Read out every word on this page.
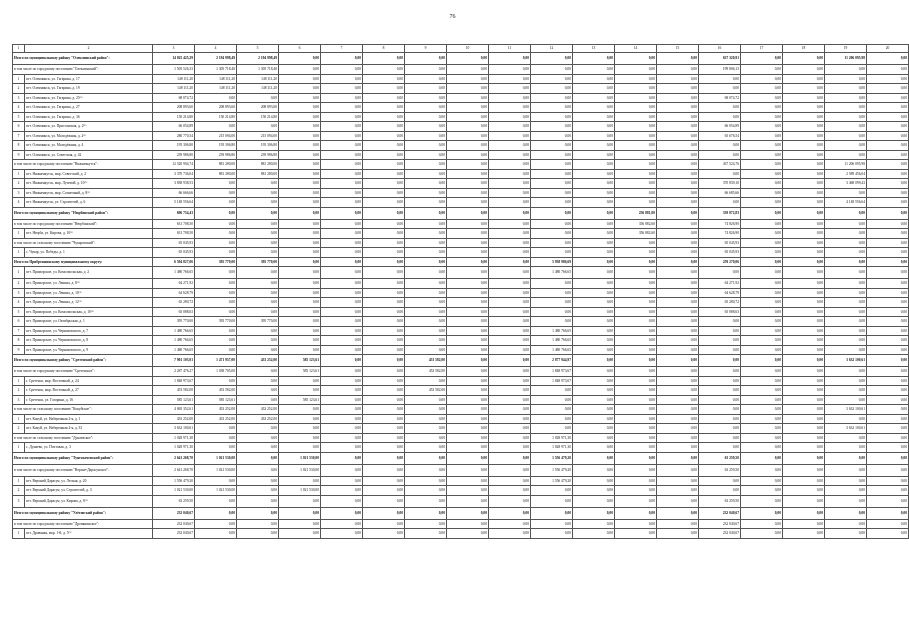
76
1	2	3	4	5	6	7	8	9	10	11	12	13	14	15	16	17	18	19	20
Итого по муниципальному району "Олекминский район":		14 025 425,29	2 194 998,49	2 194 998,49	0,00	0,00	0,00	0,00	0,00	0,00	0,00	0,00	0,00	0,00	637 320,91	0,00	0,00	11 206 095,98	0,00
в том числе по городскому поселению "Олекминский":		1 505 526,33	1 305 718,40	1 305 718,40	0,00	0,00	0,00	0,00	0,00	0,00	0,00	0,00	0,00	0,00	199 806,13	0,00	0,00	0,00	0,00
1	пгт. Олекминск, ул. Гагарина, д. 17	148 111,20	148 111,20	148 111,20	0,00	0,00	0,00	0,00	0,00	0,00	0,00	0,00	0,00	0,00	0,00	0,00	0,00	0,00	0,00
2	пгт. Олекминск, ул. Гагарина, д. 19	148 111,20	148 111,20	148 111,20	0,00	0,00	0,00	0,00	0,00	0,00	0,00	0,00	0,00	0,00	0,00	0,00	0,00	0,00	0,00
3	пгт. Олекминск, ул. Гагарина, д. 25⁽¹⁾	68 074,72	0,00	0,00	0,00	0,00	0,00	0,00	0,00	0,00	0,00	0,00	0,00	0,00	68 074,72	0,00	0,00	0,00	0,00
4	пгт. Олекминск, ул. Гагарина, д. 27	208 893,60	208 893,60	208 893,60	0,00	0,00	0,00	0,00	0,00	0,00	0,00	0,00	0,00	0,00	0,00	0,00	0,00	0,00	0,00
5	пгт. Олекминск, ул. Гагарина, д. 36	150 214,80	150 214,80	150 214,80	0,00	0,00	0,00	0,00	0,00	0,00	0,00	0,00	0,00	0,00	0,00	0,00	0,00	0,00	0,00
6	пгт. Олекминск, ул. Пристанская, д. 2⁽¹⁾	66 054,89	0,00	0,00	0,00	0,00	0,00	0,00	0,00	0,00	0,00	0,00	0,00	0,00	66 054,89	0,00	0,00	0,00	0,00
7	пгт. Олекминск, ул. Молодёжная, д. 2⁽¹⁾	280 770,54	215 094,00	215 094,00	0,00	0,00	0,00	0,00	0,00	0,00	0,00	0,00	0,00	0,00	65 676,54	0,00	0,00	0,00	0,00
8	пгт. Олекминск, ул. Молодёжная, д. 4	195 306,80	195 306,80	195 306,80	0,00	0,00	0,00	0,00	0,00	0,00	0,00	0,00	0,00	0,00	0,00	0,00	0,00	0,00	0,00
9	пгт. Олекминск, ул. Советская, д. 42	239 986,80	239 986,80	239 986,80	0,00	0,00	0,00	0,00	0,00	0,00	0,00	0,00	0,00	0,00	0,00	0,00	0,00	0,00	0,00
в том числе по городскому поселению "Нижнеякутск":		12 520 904,74	881 280,00	881 280,00	0,00	0,00	0,00	0,00	0,00	0,00	0,00	0,00	0,00	0,00	437 524,76	0,00	0,00	11 206 095,98	0,00
1	пгт. Нижнеякутск, мкр. Советский, д. 2	3 370 736,04	881 280,00	881 280,00	0,00	0,00	0,00	0,00	0,00	0,00	0,00	0,00	0,00	0,00	0,00	0,00	0,00	2 589 456,04	0,00
2	пгт. Нижнеякутск, мкр. Лучевой, д. 10⁽¹⁾	3 838 938,53	0,00	0,00	0,00	0,00	0,00	0,00	0,00	0,00	0,00	0,00	0,00	0,00	370 839,10	0,00	0,00	3 468 099,43	0,00
3	пгт. Нижнеякутск, мкр. Солнечный, д. 8⁽¹⁾	66 666,66	0,00	0,00	0,00	0,00	0,00	0,00	0,00	0,00	0,00	0,00	0,00	0,00	66 685,66	0,00	0,00	0,00	0,00
4	пгт. Нижнеякутск, ул. Строителей, д. 6	5 148 556,64	0,00	0,00	0,00	0,00	0,00	0,00	0,00	0,00	0,00	0,00	0,00	0,00	0,00	0,00	0,00	4 148 556,64	0,00
Итого по муниципальному району "Нюрбинский район":		696 754,43	0,00	0,00	0,00	0,00	0,00	0,00	0,00	0,00	0,00	0,00	256 881,00	0,00	339 872,83	0,00	0,00	0,00	0,00
в том числе по городскому поселению "Нюрбинский":		631 708,50	0,00	0,00	0,00	0,00	0,00	0,00	0,00	0,00	0,00	0,00	356 882,60	0,00	74 826,90	0,00	0,00	0,00	0,00
1	пгт. Нюрба, ул. Кирова, д. 10⁽¹⁾	631 708,50	0,00	0,00	0,00	0,00	0,00	0,00	0,00	0,00	0,00	0,00	356 882,60	0,00	74 826,90	0,00	0,00	0,00	0,00
в том числе по сельскому поселению "Чукаровский":		65 045,93	0,00	0,00	0,00	0,00	0,00	0,00	0,00	0,00	0,00	0,00	0,00	0,00	65 045,93	0,00	0,00	0,00	0,00
1	с. Чукар, ул. Победы, д. 1	65 045,93	0,00	0,00	0,00	0,00	0,00	0,00	0,00	0,00	0,00	0,00	0,00	0,00	65 045,93	0,00	0,00	0,00	0,00
Итого по Прибрежнинскому муниципальному округу:		6 594 827,06	395 770,00	395 770,00	0,00	0,00	0,00	0,00	0,00	0,00	5 938 986,69	0,00	0,00	0,00	259 270,06	0,00	0,00	0,00	0,00
1	пгт. Приморское, ул. Комсомольская, д. 2	1 480 766,65	0,00	0,00	0,00	0,00	0,00	0,00	0,00	0,00	1 480 766,65	0,00	0,00	0,00	0,00	0,00	0,00	0,00	0,00
2	пгт. Приморское, ул. Ленина, д. 8⁽¹⁾	64 271,92	0,00	0,00	0,00	0,00	0,00	0,00	0,00	0,00	0,00	0,00	0,00	0,00	64 271,92	0,00	0,00	0,00	0,00
3	пгт. Приморское, ул. Ленина, д. 10⁽¹⁾	64 628,79	0,00	0,00	0,00	0,00	0,00	0,00	0,00	0,00	0,00	0,00	0,00	0,00	64 628,79	0,00	0,00	0,00	0,00
4	пгт. Приморское, ул. Ленина, д. 12⁽¹⁾	65 280,72	0,00	0,00	0,00	0,00	0,00	0,00	0,00	0,00	0,00	0,00	0,00	0,00	65 280,72	0,00	0,00	0,00	0,00
5	пгт. Приморское, ул. Комсомольская, д. 10⁽¹⁾	65 088,63	0,00	0,00	0,00	0,00	0,00	0,00	0,00	0,00	0,00	0,00	0,00	0,00	65 088,63	0,00	0,00	0,00	0,00
6	пгт. Приморское, ул. Октябрьская, д. 1	395 770,00	395 770,00	395 770,00	0,00	0,00	0,00	0,00	0,00	0,00	0,00	0,00	0,00	0,00	0,00	0,00	0,00	0,00	0,00
7	пгт. Приморское, ул. Черняховского, д. 7	1 480 766,65	0,00	0,00	0,00	0,00	0,00	0,00	0,00	0,00	1 480 766,65	0,00	0,00	0,00	0,00	0,00	0,00	0,00	0,00
8	пгт. Приморское, ул. Черняховского, д. 8	1 480 766,65	0,00	0,00	0,00	0,00	0,00	0,00	0,00	0,00	1 480 766,65	0,00	0,00	0,00	0,00	0,00	0,00	0,00	0,00
9	пгт. Приморское, ул. Черняховского, д. 9	1 480 766,65	0,00	0,00	0,00	0,00	0,00	0,00	0,00	0,00	1 480 766,65	0,00	0,00	0,00	0,00	0,00	0,00	0,00	0,00
Итого по муниципальному району "Сретенский район":		7 901 103,01	1 471 957,00	433 252,00	585 123,61	0,00	0,00	453 582,00	0,00	0,00	2 877 944,97	0,00	0,00	0,00	0,00	0,00	0,00	3 632 100,61	0,00
в том числе по городскому поселению "Сретенское":		2 287 476,27	1 038 705,00	0,00	585 123,61	0,00	0,00	453 582,00	0,00	0,00	1 848 973,67	0,00	0,00	0,00	0,00	0,00	0,00	0,00	0,00
1	г. Сретенск, мкр. Восточный, д. 24	1 848 973,67	0,00	0,00	0,00	0,00	0,00	0,00	0,00	0,00	1 848 973,67	0,00	0,00	0,00	0,00	0,00	0,00	0,00	0,00
2	г. Сретенск, мкр. Восточный, д. 27	453 582,00	453 582,00	0,00	0,00	0,00	0,00	453 582,00	0,00	0,00	0,00	0,00	0,00	0,00	0,00	0,00	0,00	0,00	0,00
3	г. Сретенск, ул. Гагарина, д. 16	585 123,61	585 123,61	0,00	585 123,61	0,00	0,00	0,00	0,00	0,00	0,00	0,00	0,00	0,00	0,00	0,00	0,00	0,00	0,00
в том числе по сельскому поселению "Кокуйское":		4 065 352,61	433 252,00	433 252,00	0,00	0,00	0,00	0,00	0,00	0,00	0,00	0,00	0,00	0,00	0,00	0,00	0,00	3 632 100,61	0,00
1	пгт. Кокуй, ул. Набережная 2-я, д. 1	433 252,00	433 252,00	433 252,00	0,00	0,00	0,00	0,00	0,00	0,00	0,00	0,00	0,00	0,00	0,00	0,00	0,00	0,00	0,00
2	пгт. Кокуй, ул. Набережная 2-я, д. 33	3 632 100,61	0,00	0,00	0,00	0,00	0,00	0,00	0,00	0,00	0,00	0,00	0,00	0,00	0,00	0,00	0,00	3 632 100,61	0,00
в том числе по сельскому поселению "Дунаевское":		1 028 971,30	0,00	0,00	0,00	0,00	0,00	0,00	0,00	0,00	1 028 971,30	0,00	0,00	0,00	0,00	0,00	0,00	0,00	0,00
1	с. Дунаево, ул. Почтовая, д. 3	1 028 971,30	0,00	0,00	0,00	0,00	0,00	0,00	0,00	0,00	1 028 971,30	0,00	0,00	0,00	0,00	0,00	0,00	0,00	0,00
Итого по муниципальному району "Тунгокоченский район":		2 641 268,70	1 021 530,00	0,00	1 021 530,00	0,00	0,00	0,00	0,00	0,00	1 556 479,20	0,00	0,00	0,00	63 259,50	0,00	0,00	0,00	0,00
в том числе по городскому поселению "Верхне-Дарасунское":		2 641 268,70	1 021 530,00	0,00	1 021 530,00	0,00	0,00	0,00	0,00	0,00	1 556 479,20	0,00	0,00	0,00	63 259,50	0,00	0,00	0,00	0,00
1	пгт. Верхний Дарасун, ул. Лесная, д. 20	1 556 479,20	0,00	0,00	0,00	0,00	0,00	0,00	0,00	0,00	1 556 479,20	0,00	0,00	0,00	0,00	0,00	0,00	0,00	0,00
2	пгт. Верхний Дарасун, ул. Строителей, д. 3	1 021 530,00	1 021 530,00	0,00	1 021 530,00	0,00	0,00	0,00	0,00	0,00	0,00	0,00	0,00	0,00	0,00	0,00	0,00	0,00	0,00
3	пгт. Верхний Дарасун, ул. Кирова, д. 8⁽¹⁾	63 259,50	0,00	0,00	0,00	0,00	0,00	0,00	0,00	0,00	0,00	0,00	0,00	0,00	63 259,50	0,00	0,00	0,00	0,00
Итого по муниципальному району "Улётовский район":		232 040,67	0,00	0,00	0,00	0,00	0,00	0,00	0,00	0,00	0,00	0,00	0,00	0,00	232 040,67	0,00	0,00	0,00	0,00
в том числе по городскому поселению "Дровянинское":		232 040,67	0,00	0,00	0,00	0,00	0,00	0,00	0,00	0,00	0,00	0,00	0,00	0,00	232 040,67	0,00	0,00	0,00	0,00
1	пгт. Дровяная, мкр. 1-й, д. 5⁽¹⁾	232 040,67	0,00	0,00	0,00	0,00	0,00	0,00	0,00	0,00	0,00	0,00	0,00	0,00	232 040,67	0,00	0,00	0,00	0,00
